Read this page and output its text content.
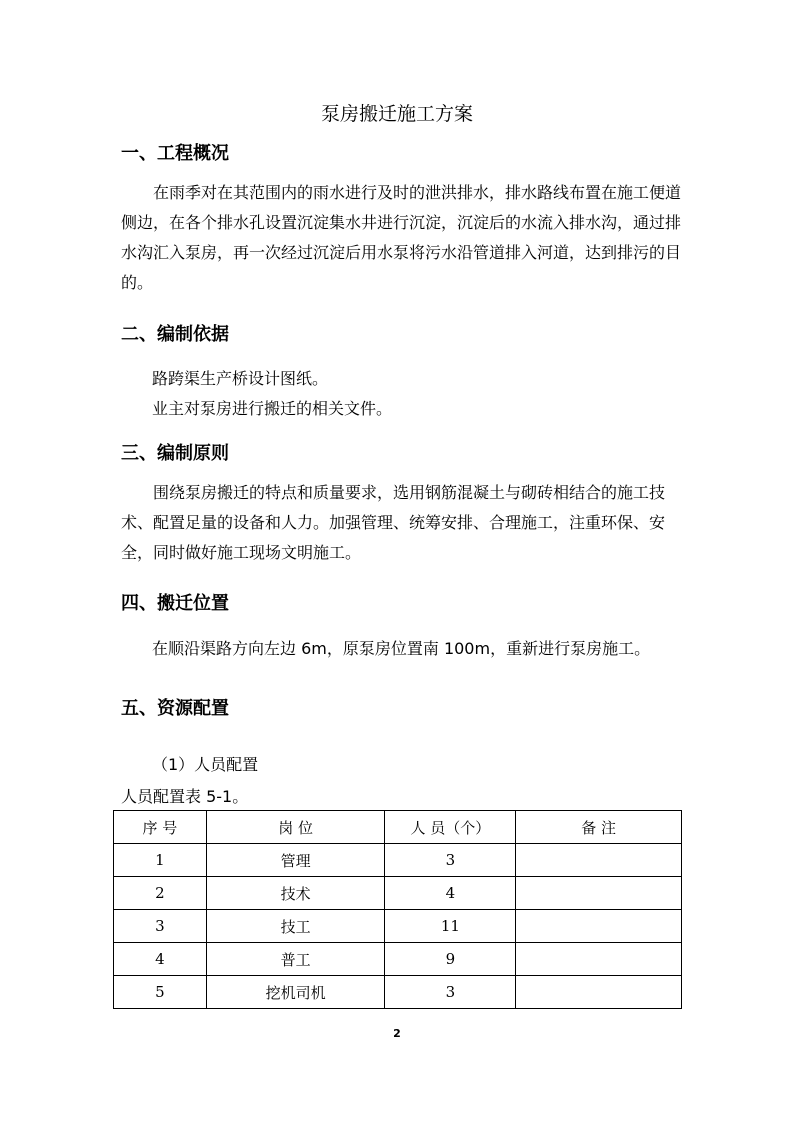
泵房搬迁施工方案
一、工程概况
在雨季对在其范围内的雨水进行及时的泄洪排水，排水路线布置在施工便道侧边，在各个排水孔设置沉淀集水井进行沉淀，沉淀后的水流入排水沟，通过排水沟汇入泵房，再一次经过沉淀后用水泵将污水沿管道排入河道，达到排污的目的。
二、编制依据
路跨渠生产桥设计图纸。
业主对泵房进行搬迁的相关文件。
三、编制原则
围绕泵房搬迁的特点和质量要求，选用钢筋混凝土与砌砖相结合的施工技术、配置足量的设备和人力。加强管理、统筹安排、合理施工，注重环保、安全，同时做好施工现场文明施工。
四、搬迁位置
在顺沿渠路方向左边 6m，原泵房位置南 100m，重新进行泵房施工。
五、资源配置
（1）人员配置
人员配置表 5-1。
序 号	岗 位	人 员（个）	备 注
1	管理	3	
2	技术	4	
3	技工	11	
4	普工	9	
5	挖机司机	3	
2
